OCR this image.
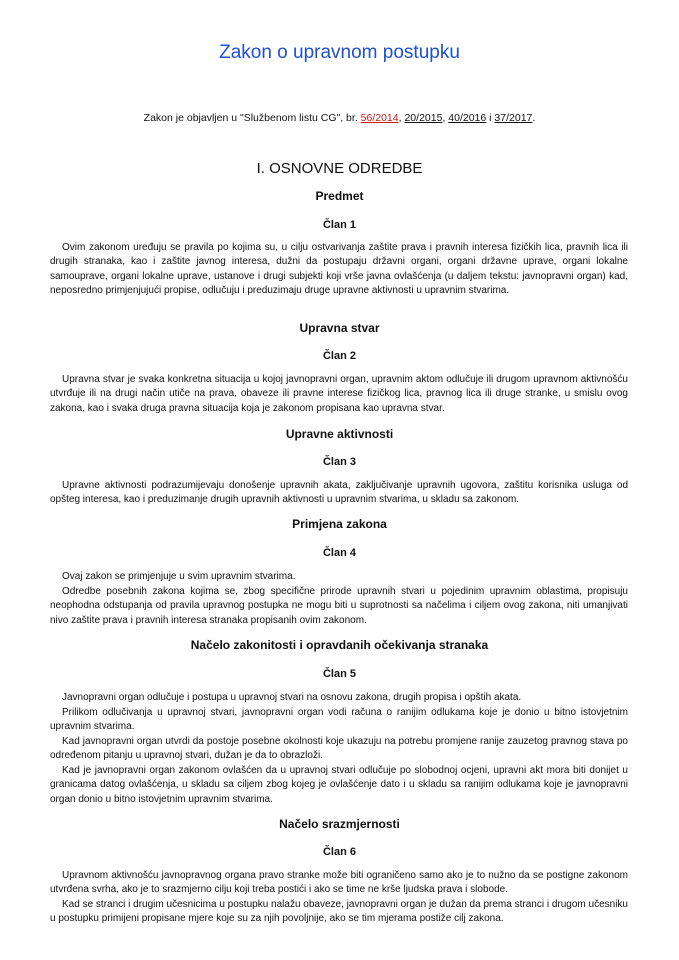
Zakon o upravnom postupku
Zakon je objavljen u "Službenom listu CG", br. 56/2014, 20/2015, 40/2016 i 37/2017.
I. OSNOVNE ODREDBE
Predmet
Član 1

Ovim zakonom uređuju se pravila po kojima su, u cilju ostvarivanja zaštite prava i pravnih interesa fizičkih lica, pravnih lica ili drugih stranaka, kao i zaštite javnog interesa, dužni da postupaju državni organi, organi državne uprave, organi lokalne samouprave, organi lokalne uprave, ustanove i drugi subjekti koji vrše javna ovlašćenja (u daljem tekstu: javnopravni organ) kad, neposredno primjenjujući propise, odlučuju i preduzimaju druge upravne aktivnosti u upravnim stvarima.

Upravna stvar
Član 2

Upravna stvar je svaka konkretna situacija u kojoj javnopravni organ, upravnim aktom odlučuje ili drugom upravnom aktivnošću utvrđuje ili na drugi način utiče na prava, obaveze ili pravne interese fizičkog lica, pravnog lica ili druge stranke, u smislu ovog zakona, kao i svaka druga pravna situacija koja je zakonom propisana kao upravna stvar.

Upravne aktivnosti
Član 3

Upravne aktivnosti podrazumijevaju donošenje upravnih akata, zaključivanje upravnih ugovora, zaštitu korisnika usluga od opšteg interesa, kao i preduzimanje drugih upravnih aktivnosti u upravnim stvarima, u skladu sa zakonom.

Primjena zakona
Član 4

Ovaj zakon se primjenjuje u svim upravnim stvarima.

Odredbe posebnih zakona kojima se, zbog specifične prirode upravnih stvari u pojedinim upravnim oblastima, propisuju neophodna odstupanja od pravila upravnog postupka ne mogu biti u suprotnosti sa načelima i ciljem ovog zakona, niti umanjivati nivo zaštite prava i pravnih interesa stranaka propisanih ovim zakonom.

Načelo zakonitosti i opravdanih očekivanja stranaka
Član 5

Javnopravni organ odlučuje i postupa u upravnoj stvari na osnovu zakona, drugih propisa i opštih akata.

Prilikom odlučivanja u upravnoj stvari, javnopravni organ vodi računa o ranijim odlukama koje je donio u bitno istovjetnim upravnim stvarima.

Kad javnopravni organ utvrdi da postoje posebne okolnosti koje ukazuju na potrebu promjene ranije zauzetog pravnog stava po određenom pitanju u upravnoj stvari, dužan je da to obrazloži.

Kad je javnopravni organ zakonom ovlašćen da u upravnoj stvari odlučuje po slobodnoj ocjeni, upravni akt mora biti donijet u granicama datog ovlašćenja, u skladu sa ciljem zbog kojeg je ovlašćenje dato i u skladu sa ranijim odlukama koje je javnopravni organ donio u bitno istovjetnim upravnim stvarima.

Načelo srazmjernosti
Član 6

Upravnom aktivnošću javnopravnog organa pravo stranke može biti ograničeno samo ako je to nužno da se postigne zakonom utvrđena svrha, ako je to srazmjerno cilju koji treba postići i ako se time ne krše ljudska prava i slobode.

Kad se stranci i drugim učesnicima u postupku nalažu obaveze, javnopravni organ je dužan da prema stranci i drugom učesniku u postupku primijeni propisane mjere koje su za njih povoljnije, ako se tim mjerama postiže cilj zakona.
